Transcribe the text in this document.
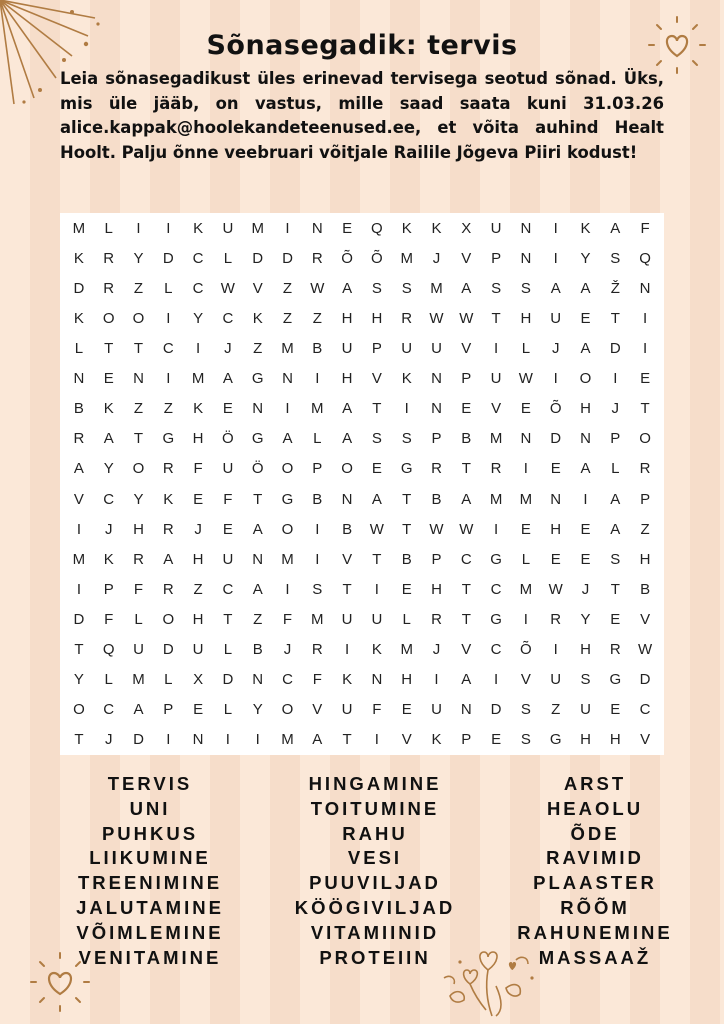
Sõnasegadik: tervis

Leia sõnasegadikust üles erinevad tervisega seotud sõnad. Üks, mis üle jääb, on vastus, mille saad saata kuni 31.03.26 alice.kappak@hoolekandeteenused.ee, et võita auhind Healt Hoolt. Palju õnne veebruari võitjale Railile Jõgeva Piiri kodust!

M	L	I	I	K	U	M	I	N	E	Q	K	K	X	U	N	I	K	A	F
K	R	Y	D	C	L	D	D	R	Õ	Õ	M	J	V	P	N	I	Y	S	Q
D	R	Z	L	C	W	V	Z	W	A	S	S	M	A	S	S	A	A	Ž	N
K	O	O	I	Y	C	K	Z	Z	H	H	R	W	W	T	H	U	E	T	I
L	T	T	C	I	J	Z	M	B	U	P	U	U	V	I	L	J	A	D	I
N	E	N	I	M	A	G	N	I	H	V	K	N	P	U	W	I	O	I	E
B	K	Z	Z	K	E	N	I	M	A	T	I	N	E	V	E	Õ	H	J	T
R	A	T	G	H	Ö	G	A	L	A	S	S	P	B	M	N	D	N	P	O
A	Y	O	R	F	U	Ö	O	P	O	E	G	R	T	R	I	E	A	L	R
V	C	Y	K	E	F	T	G	B	N	A	T	B	A	M	M	N	I	A	P
I	J	H	R	J	E	A	O	I	B	W	T	W	W	I	E	H	E	A	Z
M	K	R	A	H	U	N	M	I	V	T	B	P	C	G	L	E	E	S	H
I	P	F	R	Z	C	A	I	S	T	I	E	H	T	C	M	W	J	T	B
D	F	L	O	H	T	Z	F	M	U	U	L	R	T	G	I	R	Y	E	V
T	Q	U	D	U	L	B	J	R	I	K	M	J	V	C	Õ	I	H	R	W
Y	L	M	L	X	D	N	C	F	K	N	H	I	A	I	V	U	S	G	D
O	C	A	P	E	L	Y	O	V	U	F	E	U	N	D	S	Z	U	E	C
T	J	D	I	N	I	I	M	A	T	I	V	K	P	E	S	G	H	H	V
TERVIS
UNI
PUHKUS
LIIKUMINE
TREENIMINE
JALUTAMINE
VÕIMLEMINE
VENITAMINE
HINGAMINE
TOITUMINE
RAHU
VESI
PUUVILJAD
KÖÖGIVILJAD
VITAMIINID
PROTEIIN
ARST
HEAOLU
ÕDE
RAVIMID
PLAASTER
RÕÕM
RAHUNEMINE
MASSAAŽ
